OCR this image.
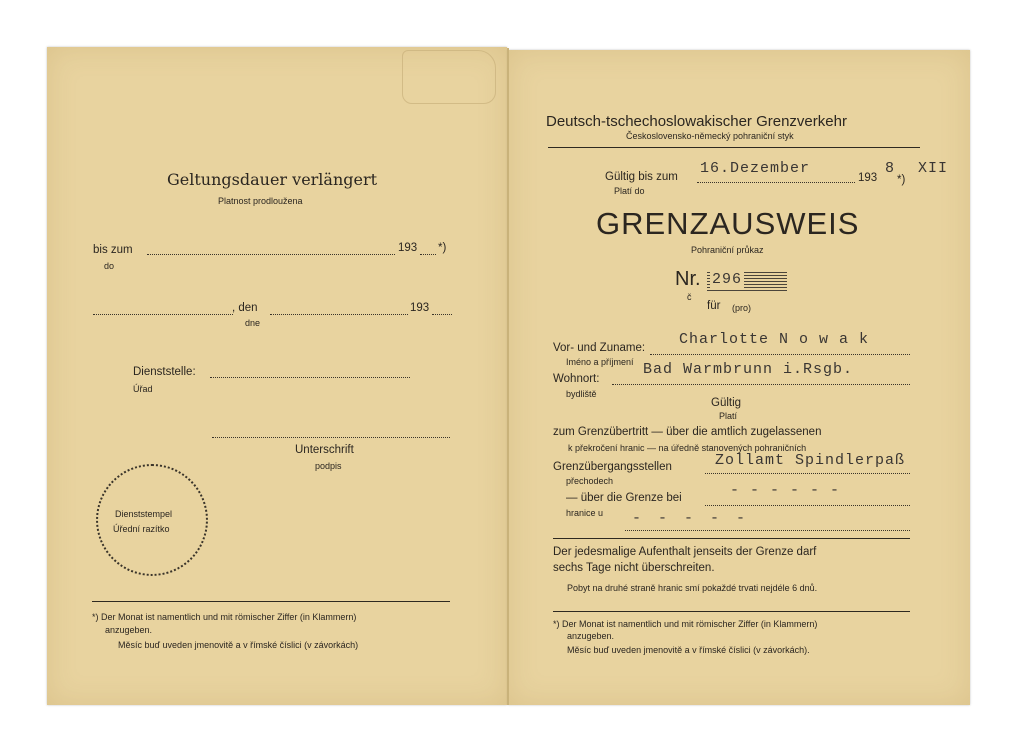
Geltungsdauer verlängert
Platnost prodloužena
bis zum
do
193 *)
, den
dne
193
Dienststelle:
Úřad
Unterschrift
podpis
Dienststempel
Úřední razítko
*) Der Monat ist namentlich und mit römischer Ziffer (in Klammern)
anzugeben.
Měsíc buď uveden jmenovitě a v římské číslici (v závorkách)
Deutsch-tschechoslowakischer Grenzverkehr
Československo-německý pohraniční styk
Gültig bis zum
Platí do
16.Dezember
193
8
*)
XII
GRENZAUSWEIS
Pohraniční průkaz
Nr.
č
296
für (pro)
Vor- und Zuname:
Iméno a příjmení
Charlotte N o w a k
Wohnort:
bydliště
Bad Warmbrunn i.Rsgb.
Gültig
Platí
zum Grenzübertritt — über die amtlich zugelassenen
k překročení hranic — na úředně stanovených pohraničních
Grenzübergangsstellen
přechodech
Zollamt Spindlerpaß
— über die Grenze bei
hranice u
- - - - - -
- - - - -
Der jedesmalige Aufenthalt jenseits der Grenze darf
sechs Tage nicht überschreiten.
Pobyt na druhé straně hranic smí pokaždé trvati nejdéle 6 dnů.
*) Der Monat ist namentlich und mit römischer Ziffer (in Klammern)
anzugeben.
Měsíc buď uveden jmenovitě a v římské číslici (v závorkách).
